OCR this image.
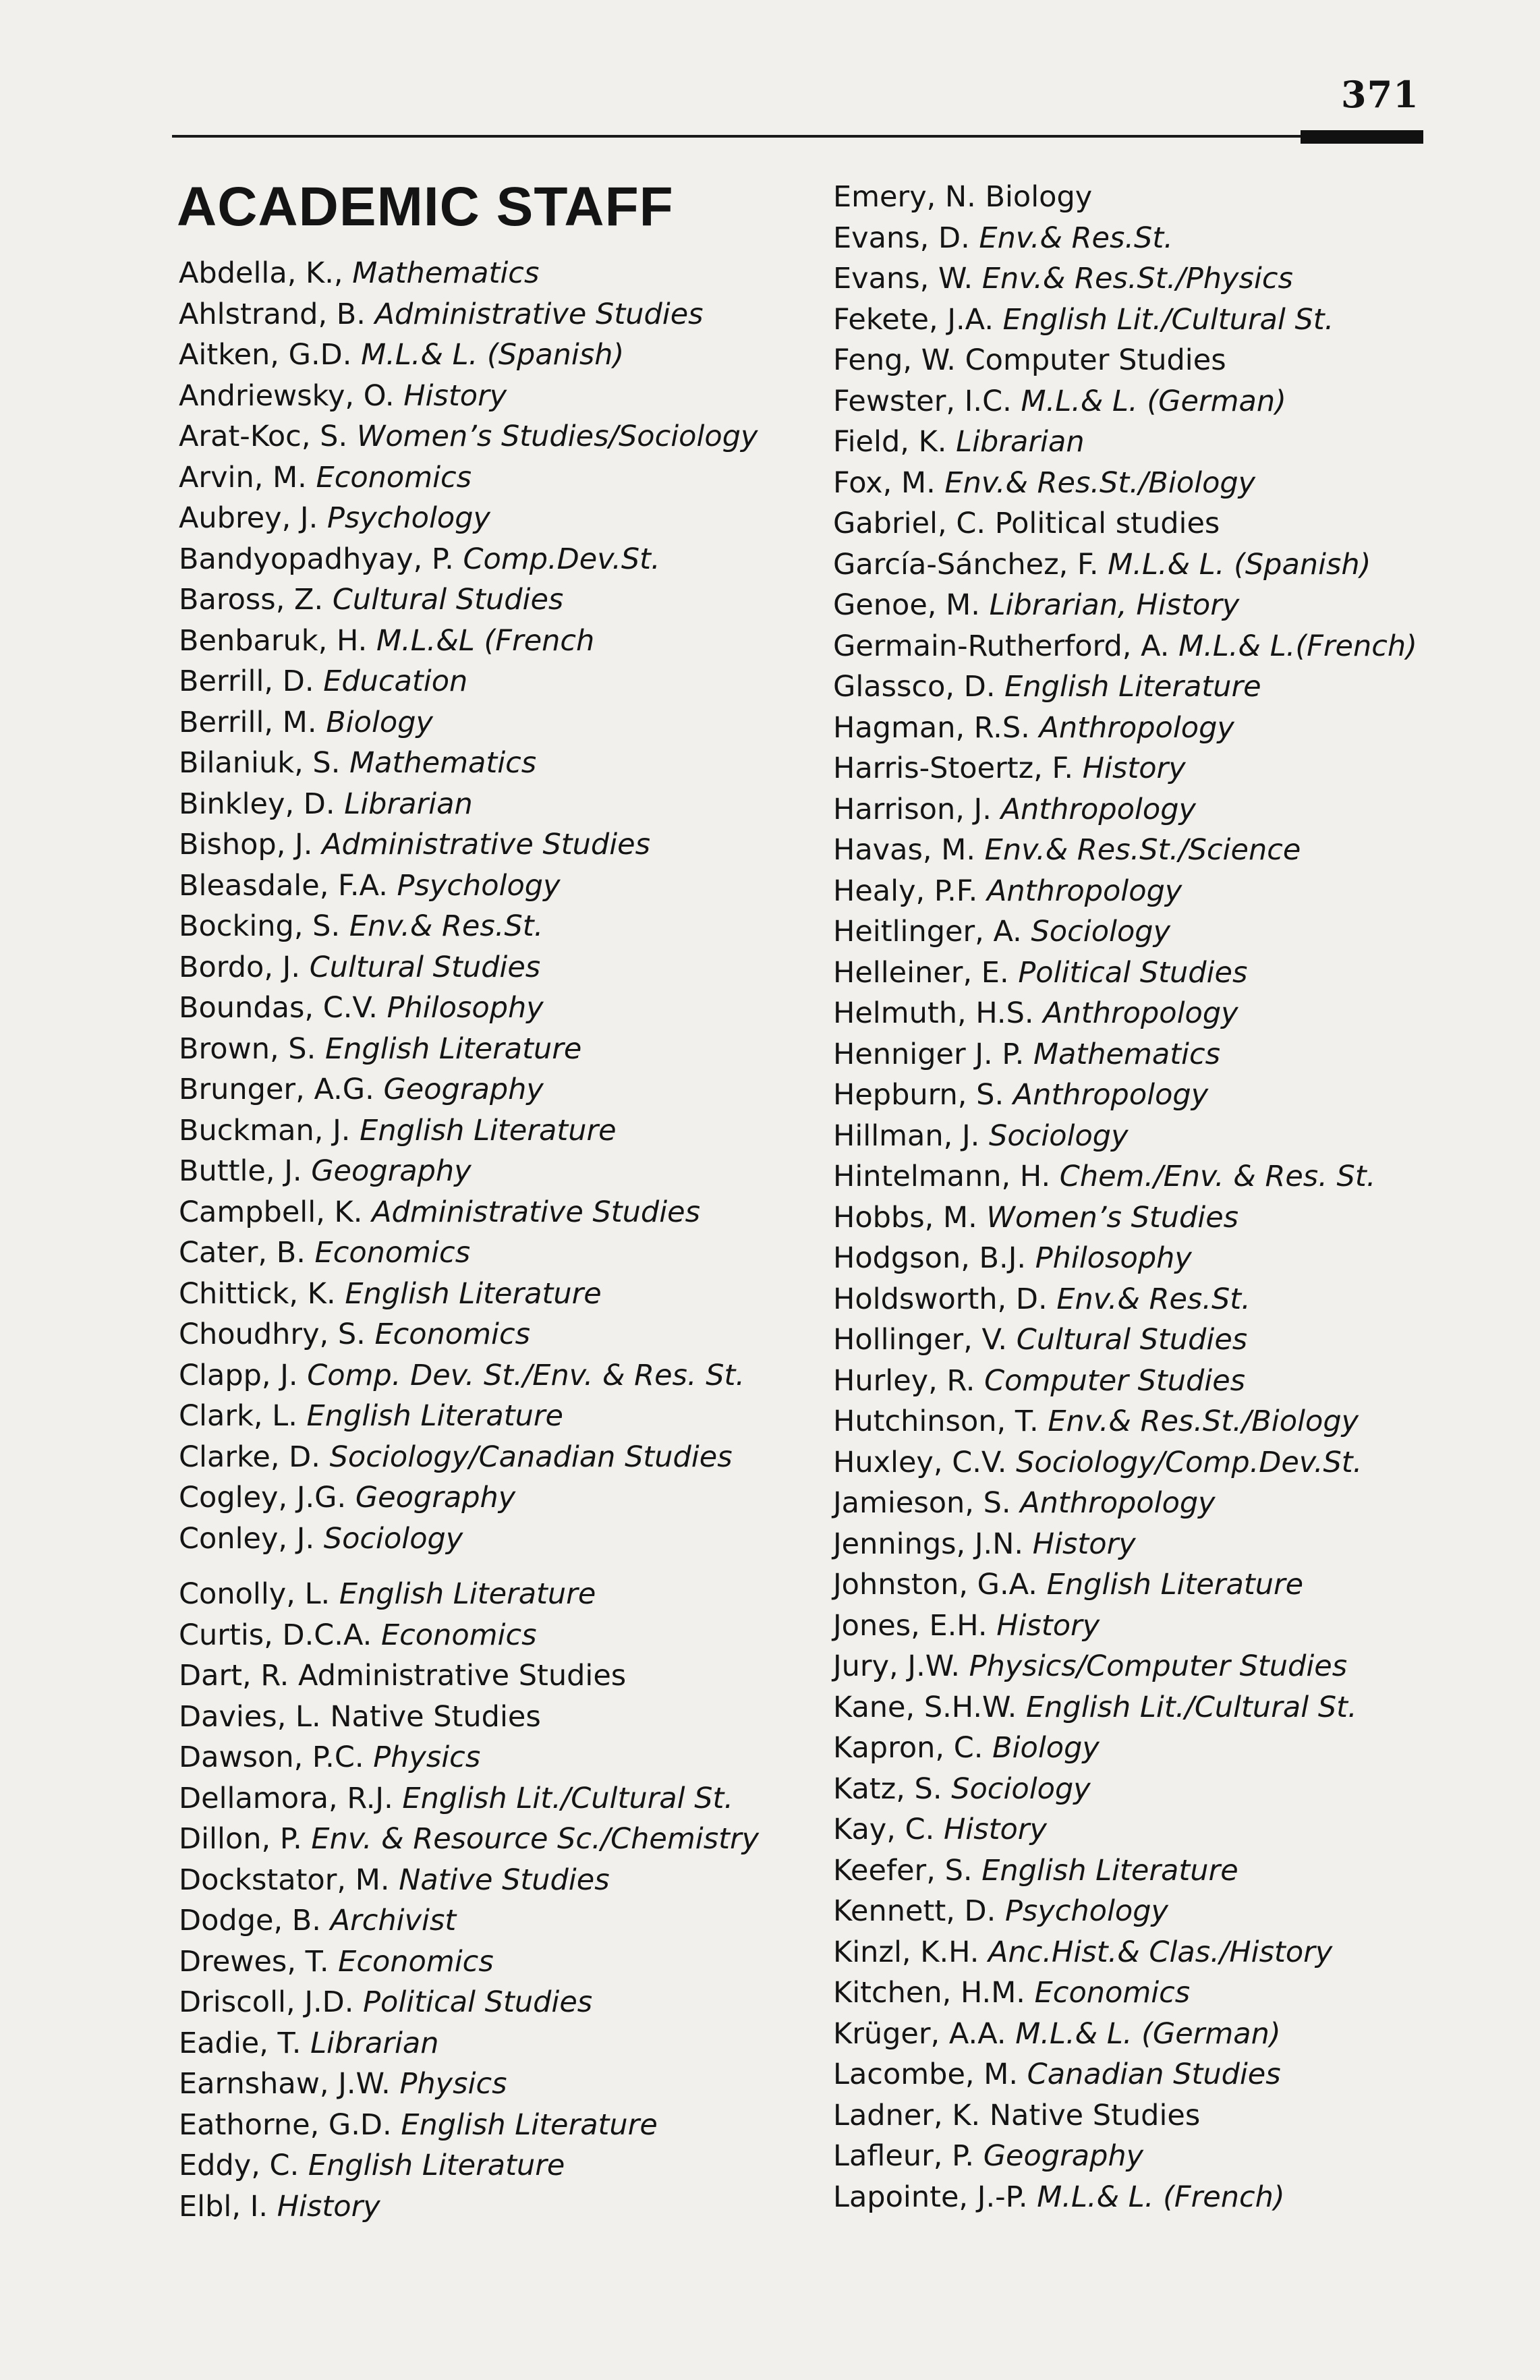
371
ACADEMIC STAFF
Abdella, K., Mathematics
Ahlstrand, B. Administrative Studies
Aitken, G.D. M.L.& L. (Spanish)
Andriewsky, O. History
Arat-Koc, S. Women’s Studies/Sociology
Arvin, M. Economics
Aubrey, J. Psychology
Bandyopadhyay, P. Comp.Dev.St.
Baross, Z. Cultural Studies
Benbaruk, H. M.L.&L (French
Berrill, D. Education
Berrill, M. Biology
Bilaniuk, S. Mathematics
Binkley, D. Librarian
Bishop, J. Administrative Studies
Bleasdale, F.A. Psychology
Bocking, S. Env.& Res.St.
Bordo, J. Cultural Studies
Boundas, C.V. Philosophy
Brown, S. English Literature
Brunger, A.G. Geography
Buckman, J. English Literature
Buttle, J. Geography
Campbell, K. Administrative Studies
Cater, B. Economics
Chittick, K. English Literature
Choudhry, S. Economics
Clapp, J. Comp. Dev. St./Env. & Res. St.
Clark, L. English Literature
Clarke, D. Sociology/Canadian Studies
Cogley, J.G. Geography
Conley, J. Sociology
Conolly, L. English Literature
Curtis, D.C.A. Economics
Dart, R. Administrative Studies
Davies, L. Native Studies
Dawson, P.C. Physics
Dellamora, R.J. English Lit./Cultural St.
Dillon, P. Env. & Resource Sc./Chemistry
Dockstator, M. Native Studies
Dodge, B. Archivist
Drewes, T. Economics
Driscoll, J.D. Political Studies
Eadie, T. Librarian
Earnshaw, J.W. Physics
Eathorne, G.D. English Literature
Eddy, C. English Literature
Elbl, I. History
Emery, N. Biology
Evans, D. Env.& Res.St.
Evans, W. Env.& Res.St./Physics
Fekete, J.A. English Lit./Cultural St.
Feng, W. Computer Studies
Fewster, I.C. M.L.& L. (German)
Field, K. Librarian
Fox, M. Env.& Res.St./Biology
Gabriel, C. Political studies
García-Sánchez, F. M.L.& L. (Spanish)
Genoe, M. Librarian, History
Germain-Rutherford, A. M.L.& L.(French)
Glassco, D. English Literature
Hagman, R.S. Anthropology
Harris-Stoertz, F. History
Harrison, J. Anthropology
Havas, M. Env.& Res.St./Science
Healy, P.F. Anthropology
Heitlinger, A. Sociology
Helleiner, E. Political Studies
Helmuth, H.S. Anthropology
Henniger J. P. Mathematics
Hepburn, S. Anthropology
Hillman, J. Sociology
Hintelmann, H. Chem./Env. & Res. St.
Hobbs, M. Women’s Studies
Hodgson, B.J. Philosophy
Holdsworth, D. Env.& Res.St.
Hollinger, V. Cultural Studies
Hurley, R. Computer Studies
Hutchinson, T. Env.& Res.St./Biology
Huxley, C.V. Sociology/Comp.Dev.St.
Jamieson, S. Anthropology
Jennings, J.N. History
Johnston, G.A. English Literature
Jones, E.H. History
Jury, J.W. Physics/Computer Studies
Kane, S.H.W. English Lit./Cultural St.
Kapron, C. Biology
Katz, S. Sociology
Kay, C. History
Keefer, S. English Literature
Kennett, D. Psychology
Kinzl, K.H. Anc.Hist.& Clas./History
Kitchen, H.M. Economics
Krüger, A.A. M.L.& L. (German)
Lacombe, M. Canadian Studies
Ladner, K. Native Studies
Lafleur, P. Geography
Lapointe, J.-P. M.L.& L. (French)
